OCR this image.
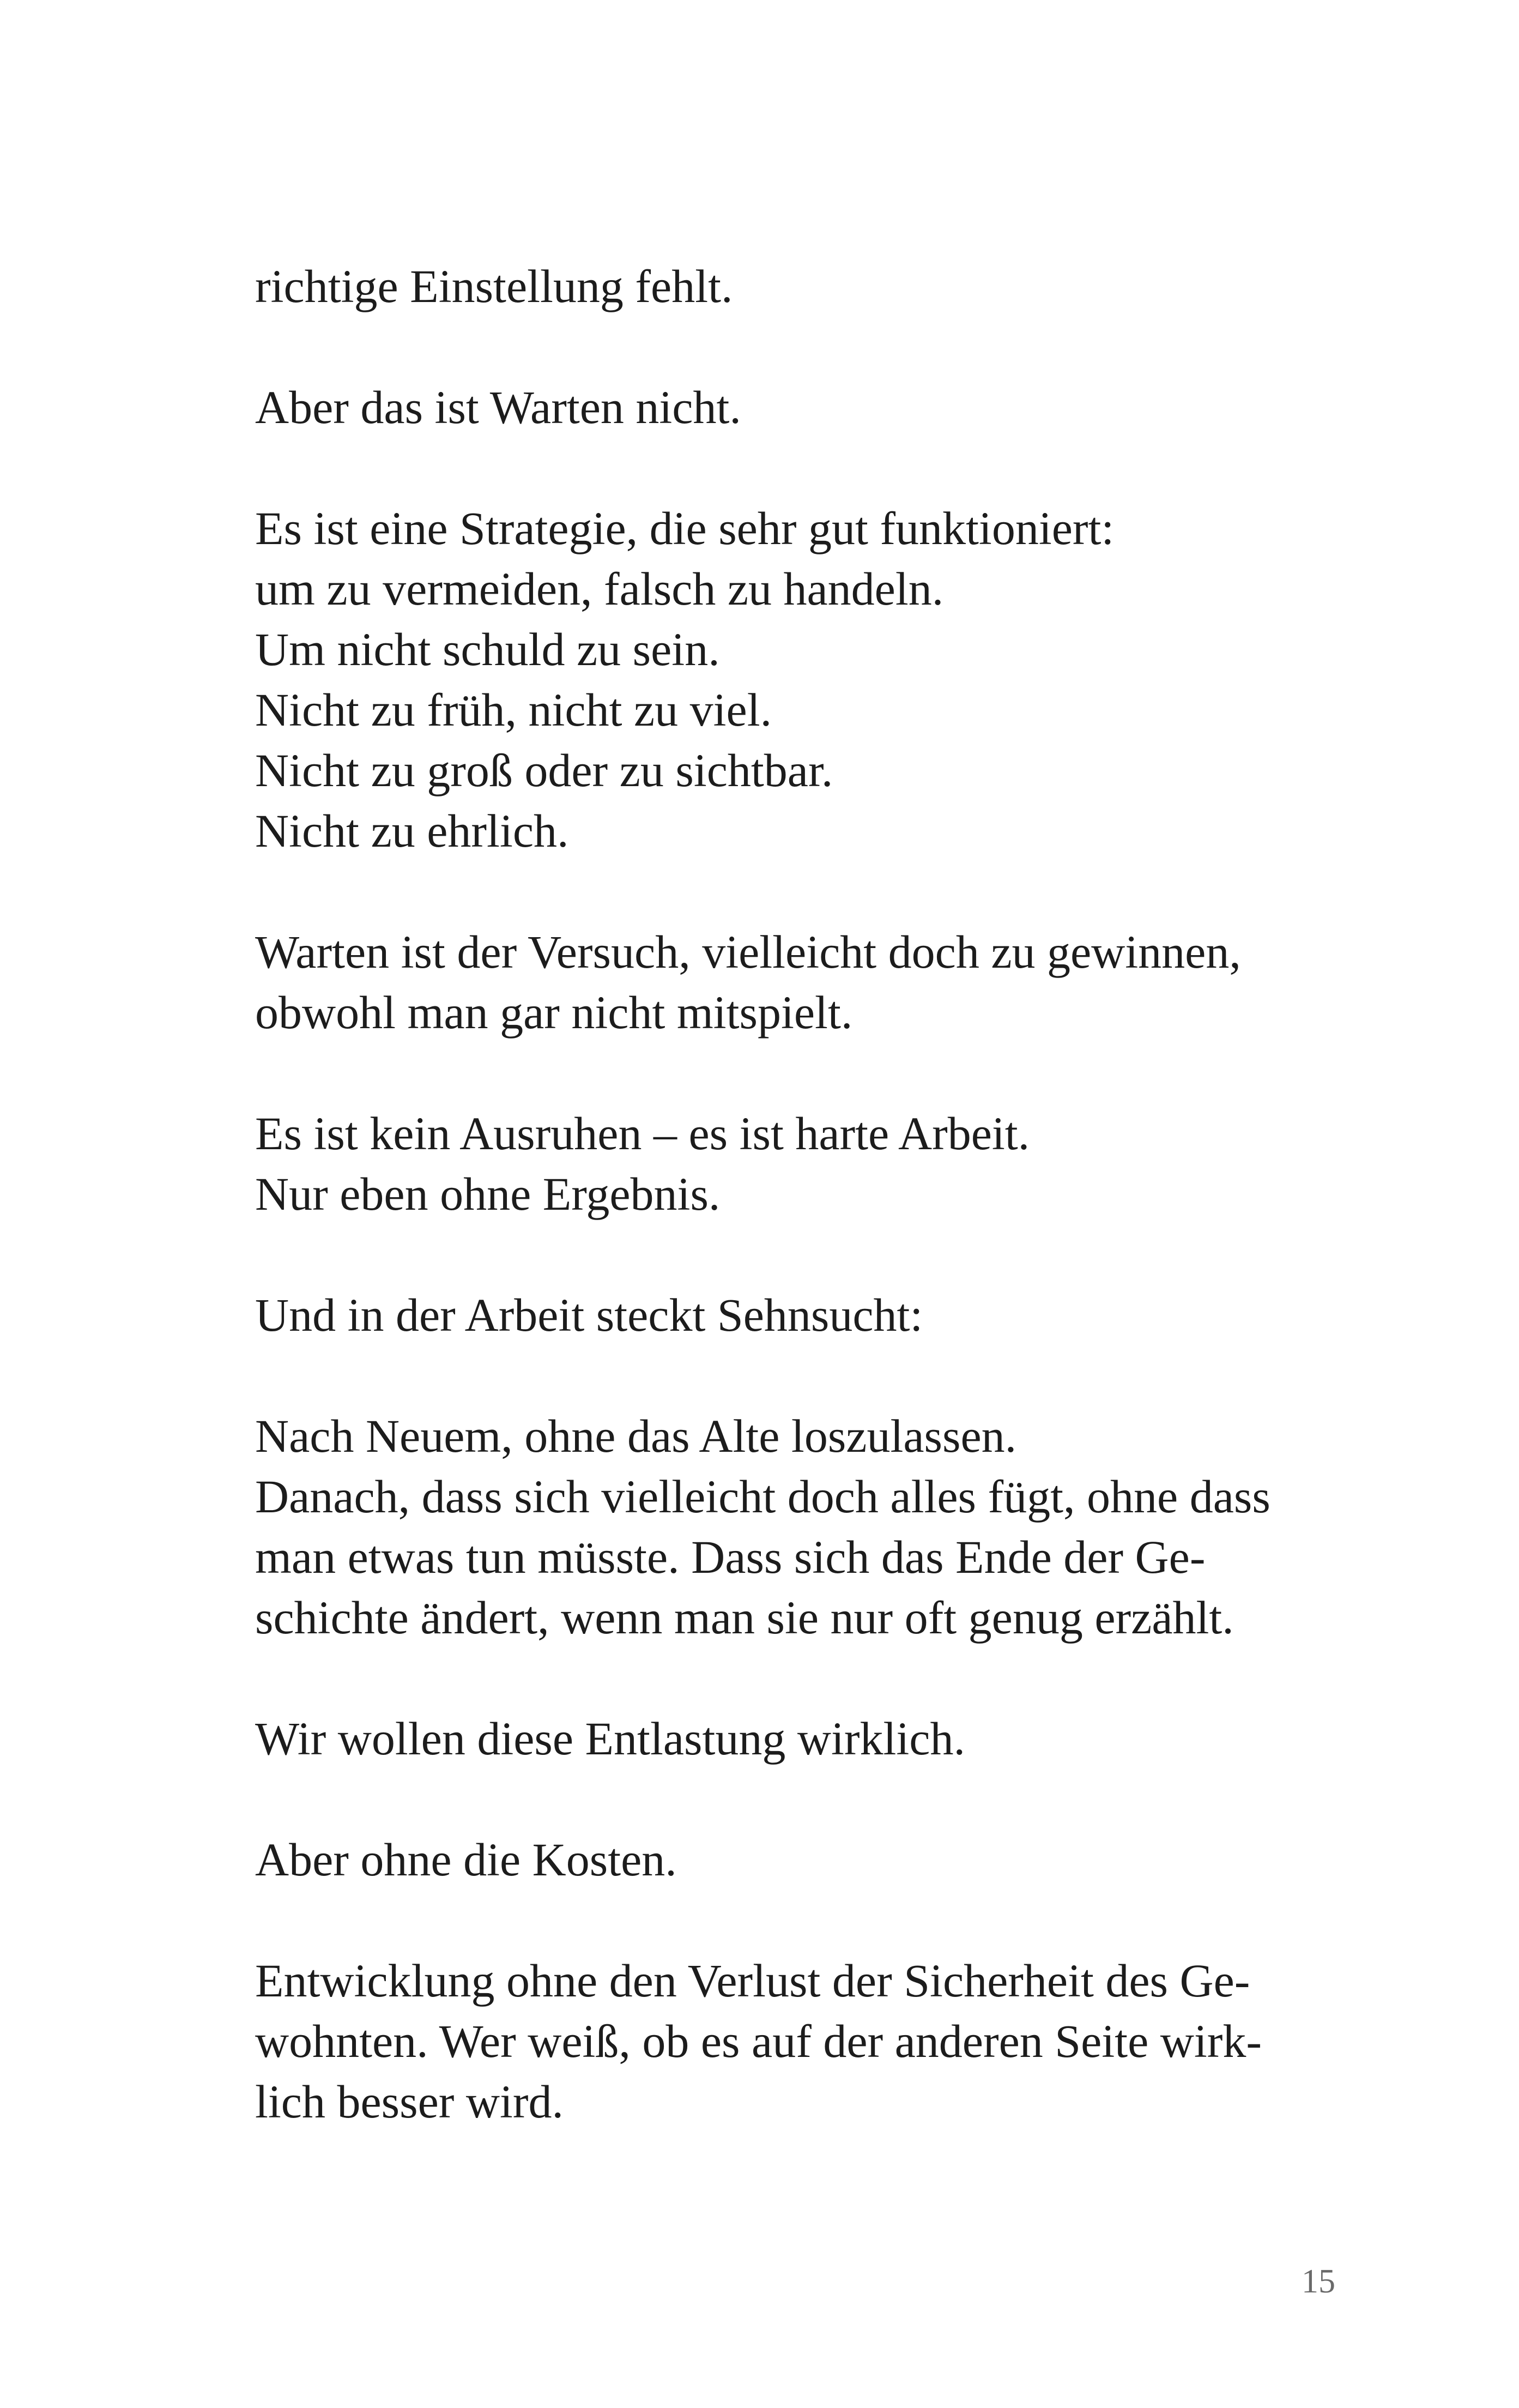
richtige Einstellung fehlt.

Aber das ist Warten nicht.

Es ist eine Strategie, die sehr gut funktioniert:
um zu vermeiden, falsch zu handeln.
Um nicht schuld zu sein.
Nicht zu früh, nicht zu viel.
Nicht zu groß oder zu sichtbar.
Nicht zu ehrlich.

Warten ist der Versuch, vielleicht doch zu gewinnen,
obwohl man gar nicht mitspielt.

Es ist kein Ausruhen – es ist harte Arbeit.
Nur eben ohne Ergebnis.

Und in der Arbeit steckt Sehnsucht:

Nach Neuem, ohne das Alte loszulassen.
Danach, dass sich vielleicht doch alles fügt, ohne dass
man etwas tun müsste. Dass sich das Ende der Ge-
schichte ändert, wenn man sie nur oft genug erzählt.

Wir wollen diese Entlastung wirklich.

Aber ohne die Kosten.

Entwicklung ohne den Verlust der Sicherheit des Ge-
wohnten. Wer weiß, ob es auf der anderen Seite wirk-
lich besser wird.

15
